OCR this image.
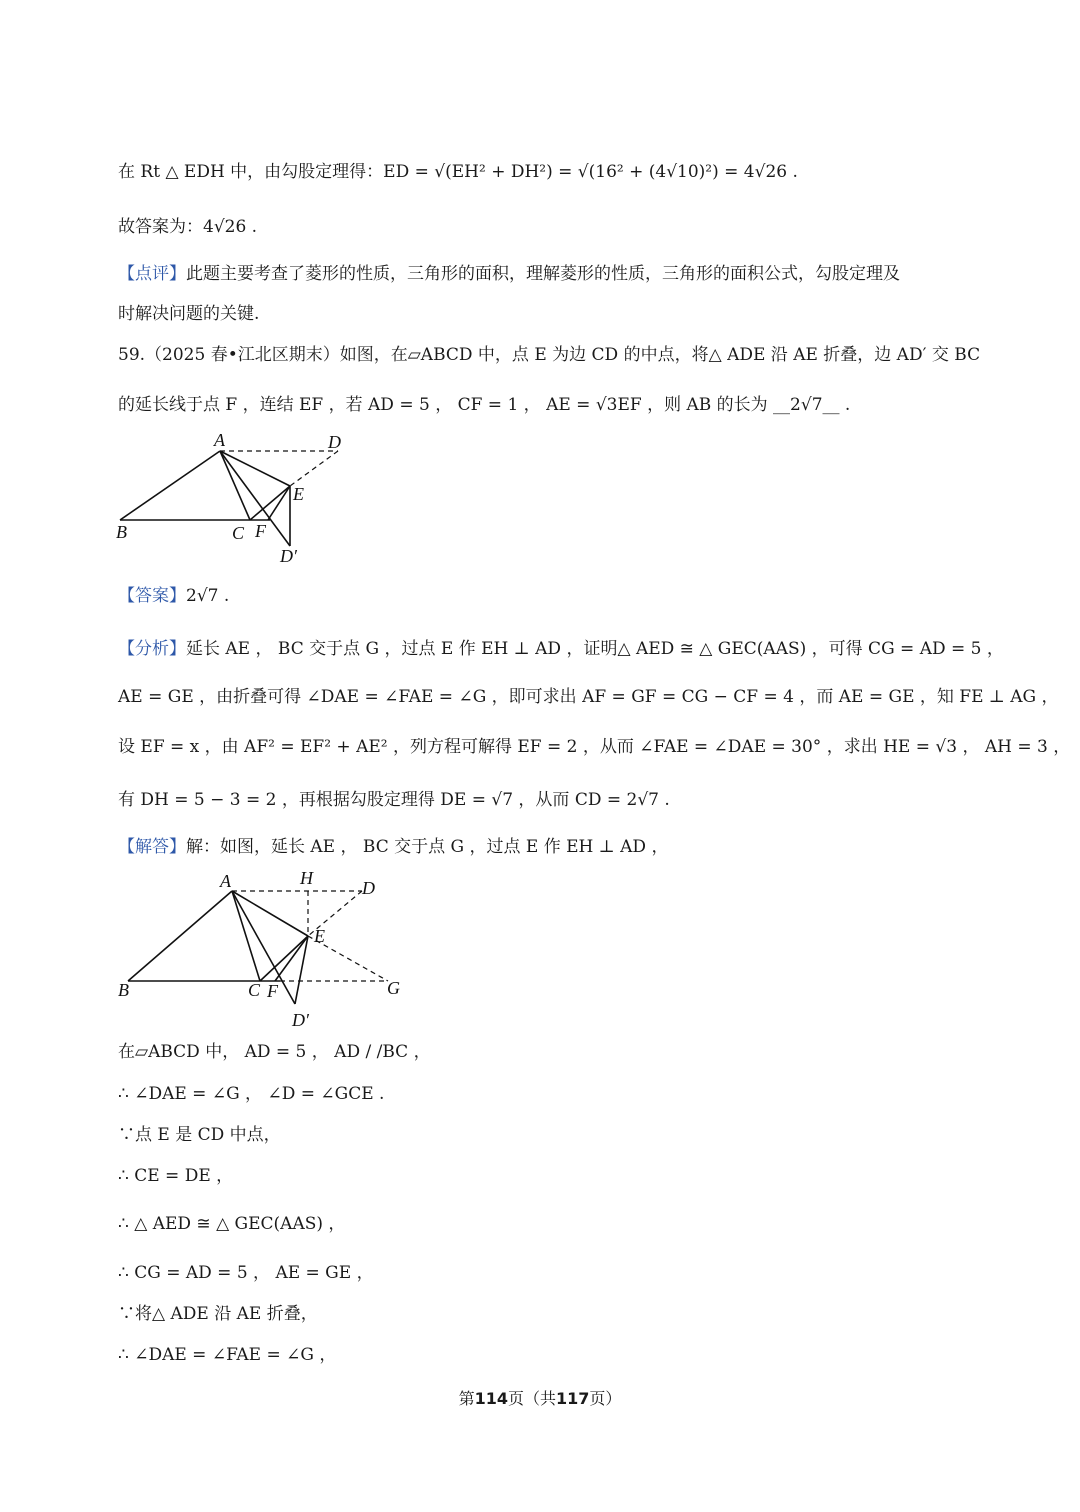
在 Rt △ EDH 中，由勾股定理得：ED = √(EH² + DH²) = √(16² + (4√10)²) = 4√26 .
故答案为：4√26 .
【点评】此题主要考查了菱形的性质，三角形的面积，理解菱形的性质，三角形的面积公式，勾股定理及
时解决问题的关键.
59.（2025 春•江北区期末）如图，在▱ABCD 中，点 E 为边 CD 的中点，将△ ADE 沿 AE 折叠，边 AD′ 交 BC
的延长线于点 F ，连结 EF ，若 AD = 5 ， CF = 1 ， AE = √3EF ，则 AB 的长为 __2√7__ .
A	D
E
B	C F
D′
【答案】2√7 .
【分析】延长 AE ， BC 交于点 G ，过点 E 作 EH ⊥ AD ，证明△ AED ≅ △ GEC(AAS) ，可得 CG = AD = 5 ，
AE = GE ，由折叠可得 ∠DAE = ∠FAE = ∠G ，即可求出 AF = GF = CG − CF = 4 ，而 AE = GE ，知 FE ⊥ AG ，
设 EF = x ，由 AF² = EF² + AE² ，列方程可解得 EF = 2 ，从而 ∠FAE = ∠DAE = 30° ，求出 HE = √3 ， AH = 3 ，
有 DH = 5 − 3 = 2 ，再根据勾股定理得 DE = √7 ，从而 CD = 2√7 .
【解答】解：如图，延长 AE ， BC 交于点 G ，过点 E 作 EH ⊥ AD ，
A	H	D
E
B	C F	G
D′
在▱ABCD 中， AD = 5 ， AD / /BC ，
∴ ∠DAE = ∠G ， ∠D = ∠GCE .
∵点 E 是 CD 中点，
∴ CE = DE ，
∴ △ AED ≅ △ GEC(AAS) ，
∴ CG = AD = 5 ， AE = GE ，
∵将△ ADE 沿 AE 折叠，
∴ ∠DAE = ∠FAE = ∠G ，
第114页（共117页）
